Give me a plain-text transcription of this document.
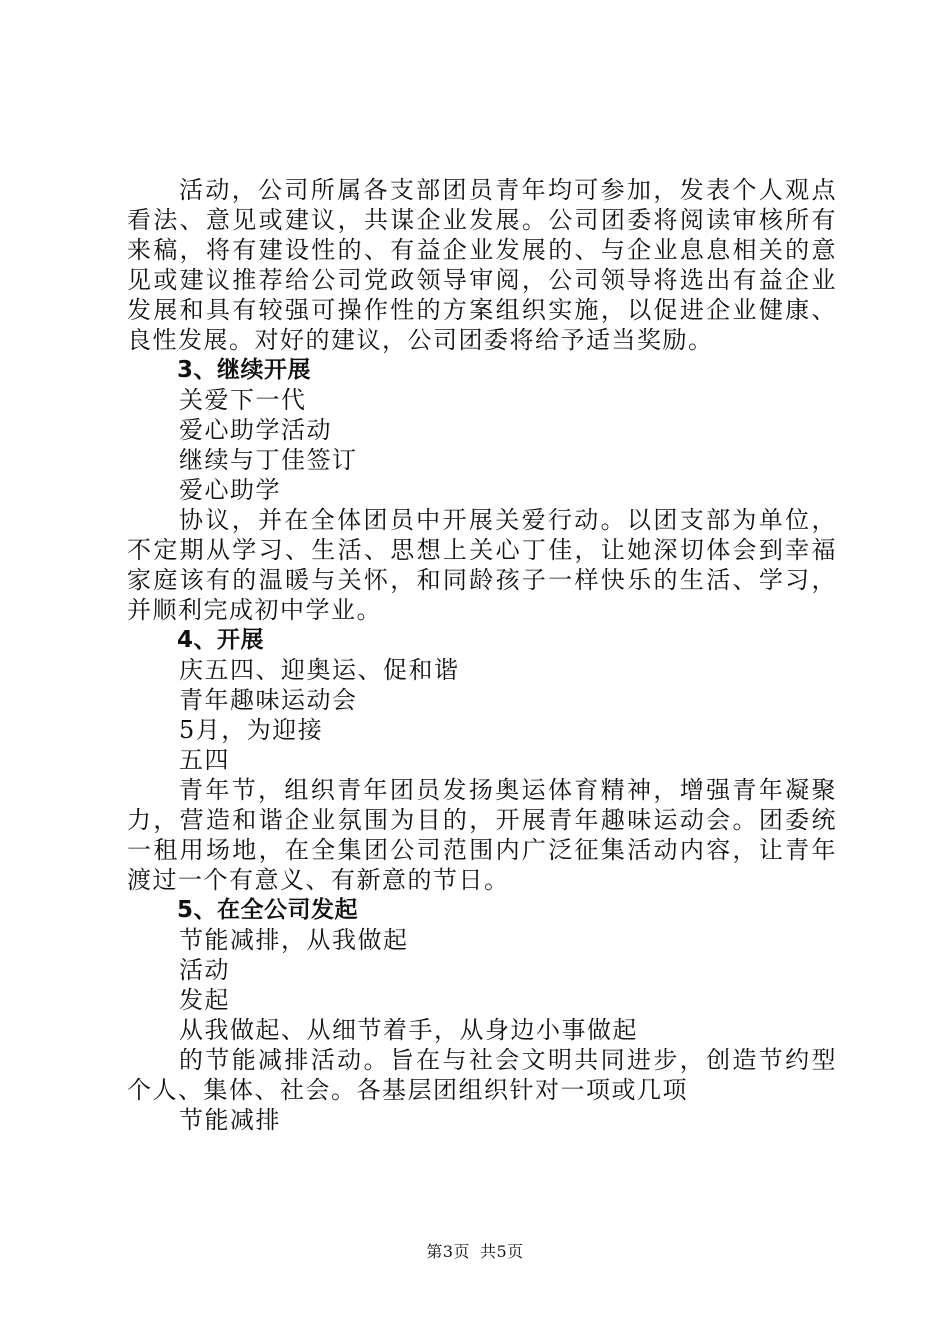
活动，公司所属各支部团员青年均可参加，发表个人观点看法、意见或建议，共谋企业发展。公司团委将阅读审核所有来稿，将有建设性的、有益企业发展的、与企业息息相关的意见或建议推荐给公司党政领导审阅，公司领导将选出有益企业发展和具有较强可操作性的方案组织实施，以促进企业健康、良性发展。对好的建议，公司团委将给予适当奖励。

3、继续开展

关爱下一代

爱心助学活动

继续与丁佳签订

爱心助学

协议，并在全体团员中开展关爱行动。以团支部为单位，不定期从学习、生活、思想上关心丁佳，让她深切体会到幸福家庭该有的温暖与关怀，和同龄孩子一样快乐的生活、学习，并顺利完成初中学业。

4、开展

庆五四、迎奥运、促和谐

青年趣味运动会

5月，为迎接

五四

青年节，组织青年团员发扬奥运体育精神，增强青年凝聚力，营造和谐企业氛围为目的，开展青年趣味运动会。团委统一租用场地，在全集团公司范围内广泛征集活动内容，让青年渡过一个有意义、有新意的节日。

5、在全公司发起

节能减排，从我做起

活动

发起

从我做起、从细节着手，从身边小事做起

的节能减排活动。旨在与社会文明共同进步，创造节约型个人、集体、社会。各基层团组织针对一项或几项

节能减排

第3页 共5页
